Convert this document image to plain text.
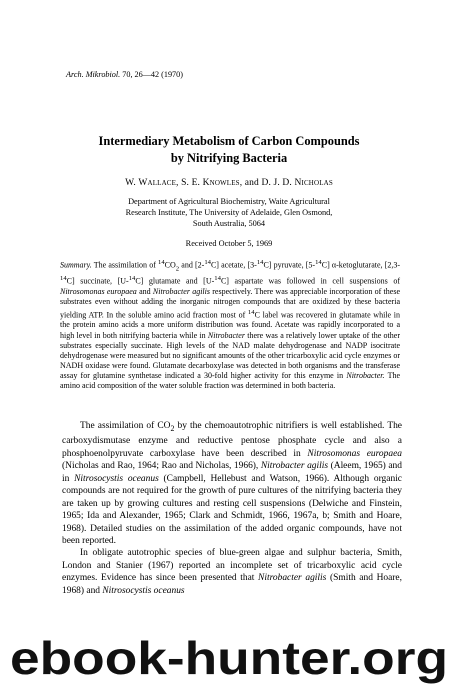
Arch. Mikrobiol. 70, 26—42 (1970)
Intermediary Metabolism of Carbon Compounds
by Nitrifying Bacteria
W. Wallace, S. E. Knowles, and D. J. D. Nicholas
Department of Agricultural Biochemistry, Waite Agricultural
Research Institute, The University of Adelaide, Glen Osmond,
South Australia, 5064
Received October 5, 1969
Summary. The assimilation of $^{14}CO_2$ and [2-$^{14}$C] acetate, [3-$^{14}$C] pyruvate, [5-$^{14}$C] α-ketoglutarate, [2,3-$^{14}$C] succinate, [U-$^{14}$C] glutamate and [U-$^{14}$C] aspartate was followed in cell suspensions of Nitrosomonas europaea and Nitrobacter agilis respectively. There was appreciable incorporation of these substrates even without adding the inorganic nitrogen compounds that are oxidized by these bacteria yielding ATP. In the soluble amino acid fraction most of $^{14}$C label was recovered in glutamate while in the protein amino acids a more uniform distribution was found. Acetate was rapidly incorporated to a high level in both nitrifying bacteria while in Nitrobacter there was a relatively lower uptake of the other substrates especially succinate. High levels of the NAD malate dehydrogenase and NADP isocitrate dehydrogenase were measured but no significant amounts of the other tricarboxylic acid cycle enzymes or NADH oxidase were found. Glutamate decarboxylase was detected in both organisms and the transferase assay for glutamine synthetase indicated a 30-fold higher activity for this enzyme in Nitrobacter. The amino acid composition of the water soluble fraction was determined in both bacteria.

The assimilation of $CO_2$ by the chemoautotrophic nitrifiers is well established. The carboxydismutase enzyme and reductive pentose phosphate cycle and also a phosphoenolpyruvate carboxylase have been described in Nitrosomonas europaea (Nicholas and Rao, 1964; Rao and Nicholas, 1966), Nitrobacter agilis (Aleem, 1965) and in Nitrosocystis oceanus (Campbell, Hellebust and Watson, 1966). Although organic compounds are not required for the growth of pure cultures of the nitrifying bacteria they are taken up by growing cultures and resting cell suspensions (Delwiche and Finstein, 1965; Ida and Alexander, 1965; Clark and Schmidt, 1966, 1967a, b; Smith and Hoare, 1968). Detailed studies on the assimilation of the added organic compounds, have not been reported.

In obligate autotrophic species of blue-green algae and sulphur bacteria, Smith, London and Stanier (1967) reported an incomplete set of tricarboxylic acid cycle enzymes. Evidence has since been presented that Nitrobacter agilis (Smith and Hoare, 1968) and Nitrosocystis oceanus

ebook-hunter.org
